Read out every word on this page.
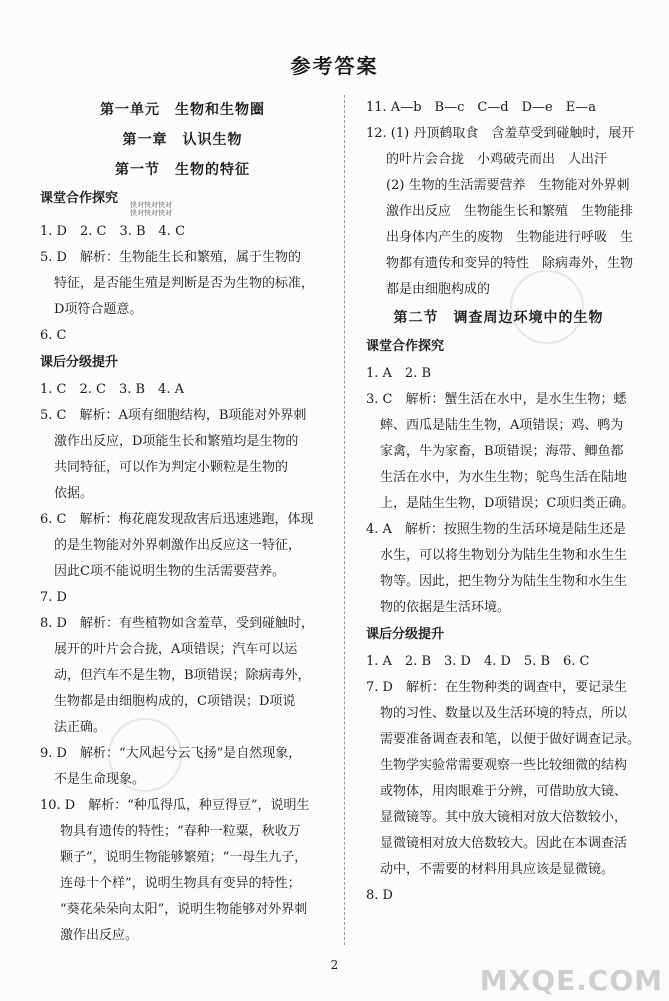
参考答案
第一单元　生物和生物圈
第一章　认识生物
第一节　生物的特征
课堂合作探究	快对快对快对
快对快对快对
1. D　2. C　3. B　4. C
5. D　解析：生物能生长和繁殖，属于生物的
特征，是否能生殖是判断是否为生物的标准，
D项符合题意。
6. C
课后分级提升
1. C　2. C　3. B　4. A
5. C　解析：A项有细胞结构，B项能对外界刺
激作出反应，D项能生长和繁殖均是生物的
共同特征，可以作为判定小颗粒是生物的
依据。
6. C　解析：梅花鹿发现敌害后迅速逃跑，体现
的是生物能对外界刺激作出反应这一特征，
因此C项不能说明生物的生活需要营养。
7. D
8. D　解析：有些植物如含羞草，受到碰触时，
展开的叶片会合拢，A项错误；汽车可以运
动，但汽车不是生物，B项错误；除病毒外，
生物都是由细胞构成的，C项错误；D项说
法正确。
9. D　解析：“大风起兮云飞扬”是自然现象，
不是生命现象。
10. D　解析：“种瓜得瓜，种豆得豆”，说明生
物具有遗传的特性；“春种一粒粟，秋收万
颗子”，说明生物能够繁殖；“一母生九子，
连母十个样”，说明生物具有变异的特性；
“葵花朵朵向太阳”，说明生物能够对外界刺
激作出反应。
11. A—b　B—c　C—d　D—e　E—a
12. (1) 丹顶鹤取食　含羞草受到碰触时，展开
的叶片会合拢　小鸡破壳而出　人出汗
(2) 生物的生活需要营养　生物能对外界刺
激作出反应　生物能生长和繁殖　生物能排
出身体内产生的废物　生物能进行呼吸　生
物都有遗传和变异的特性　除病毒外，生物
都是由细胞构成的
第二节　调查周边环境中的生物
课堂合作探究
1. A　2. B
3. C　解析：蟹生活在水中，是水生生物；蟋
蟀、西瓜是陆生生物，A项错误；鸡、鸭为
家禽，牛为家畜，B项错误；海带、鲫鱼都
生活在水中，为水生生物；鸵鸟生活在陆地
上，是陆生生物，D项错误；C项归类正确。
4. A　解析：按照生物的生活环境是陆生还是
水生，可以将生物划分为陆生生物和水生生
物等。因此，把生物分为陆生生物和水生生
物的依据是生活环境。
课后分级提升
1. A　2. B　3. D　4. D　5. B　6. C
7. D　解析：在生物种类的调查中，要记录生
物的习性、数量以及生活环境的特点，所以
需要准备调查表和笔，以便于做好调查记录。
生物学实验常需要观察一些比较细微的结构
或物体，用肉眼难于分辨，可借助放大镜、
显微镜等。其中放大镜相对放大倍数较小，
显微镜相对放大倍数较大。因此在本调查活
动中，不需要的材料用具应该是显微镜。
8. D
2	MXQE.COM
